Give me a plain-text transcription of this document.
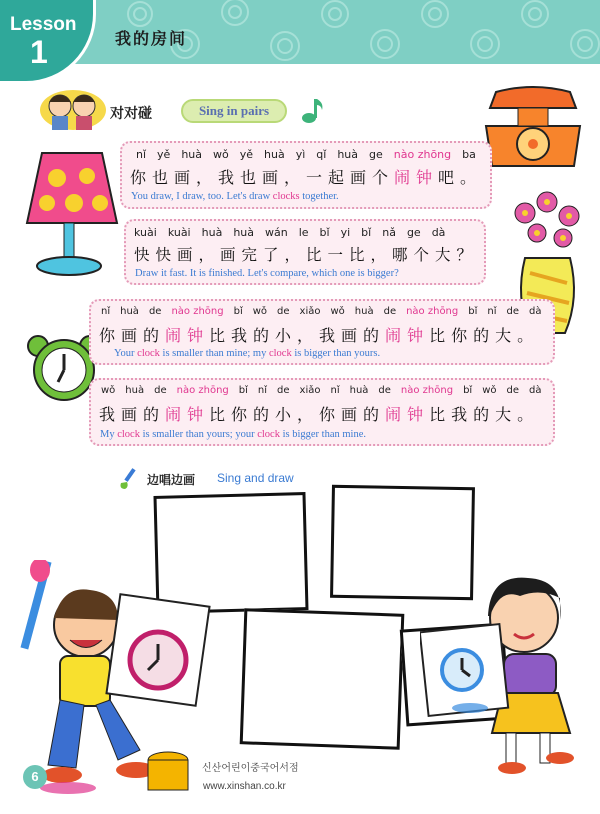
Lesson
1	我的房间
对对碰	Sing in pairs
nǐ  yě  huà  wǒ  yě  huà  yì  qǐ  huà  ge  nào zhōng  ba
你也画，我也画，一起画个闹钟吧。
You draw, I draw, too. Let's draw clocks together.
kuài  kuài  huà  huà  wán  le  bǐ  yi  bǐ  nǎ  ge  dà
快快画，画完了，比一比，哪个大？
Draw it fast. It is finished. Let's compare, which one is bigger?
nǐ  huà  de  nào zhōng  bǐ  wǒ  de  xiǎo  wǒ  huà  de  nào zhōng  bǐ  nǐ  de  dà
你画的闹钟比我的小，我画的闹钟比你的大。
Your clock is smaller than mine; my clock is bigger than yours.
wǒ  huà  de  nào zhōng  bǐ  nǐ  de  xiǎo  nǐ  huà  de  nào zhōng  bǐ  wǒ  de  dà
我画的闹钟比你的小，你画的闹钟比我的大。
My clock is smaller than yours; your clock is bigger than mine.
边唱边画 Sing and draw
6
신산어린이중국어서점
www.xinshan.co.kr
